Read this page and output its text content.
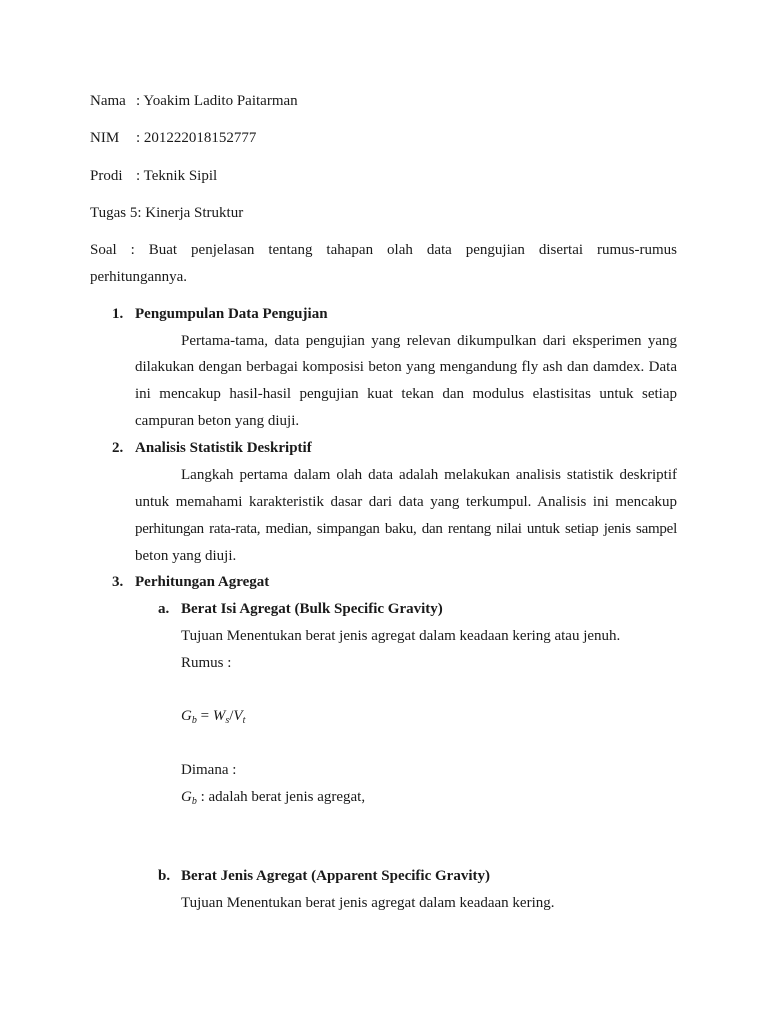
Nama : Yoakim Ladito Paitarman
NIM : 201222018152777
Prodi : Teknik Sipil
Tugas 5: Kinerja Struktur
Soal  :  Buat  penjelasan  tentang  tahapan  olah  data  pengujian  disertai  rumus-rumus
perhitungannya.
1. Pengumpulan Data Pengujian
Pertama-tama, data pengujian yang relevan dikumpulkan dari eksperimen yang
dilakukan dengan berbagai komposisi beton yang mengandung fly ash dan damdex. Data
ini mencakup hasil-hasil pengujian kuat tekan dan modulus elastisitas untuk setiap
campuran beton yang diuji.
2. Analisis Statistik Deskriptif
Langkah pertama dalam olah data adalah melakukan analisis statistik deskriptif
untuk memahami karakteristik dasar dari data yang terkumpul. Analisis ini mencakup
perhitungan rata-rata, median, simpangan baku, dan rentang nilai untuk setiap jenis sampel
beton yang diuji.
3. Perhitungan Agregat
a. Berat Isi Agregat (Bulk Specific Gravity)
Tujuan Menentukan berat jenis agregat dalam keadaan kering atau jenuh.
Rumus :
$G_b = W_s/V_t$
Dimana :
$G_b$ : adalah berat jenis agregat,
b. Berat Jenis Agregat (Apparent Specific Gravity)
Tujuan Menentukan berat jenis agregat dalam keadaan kering.
